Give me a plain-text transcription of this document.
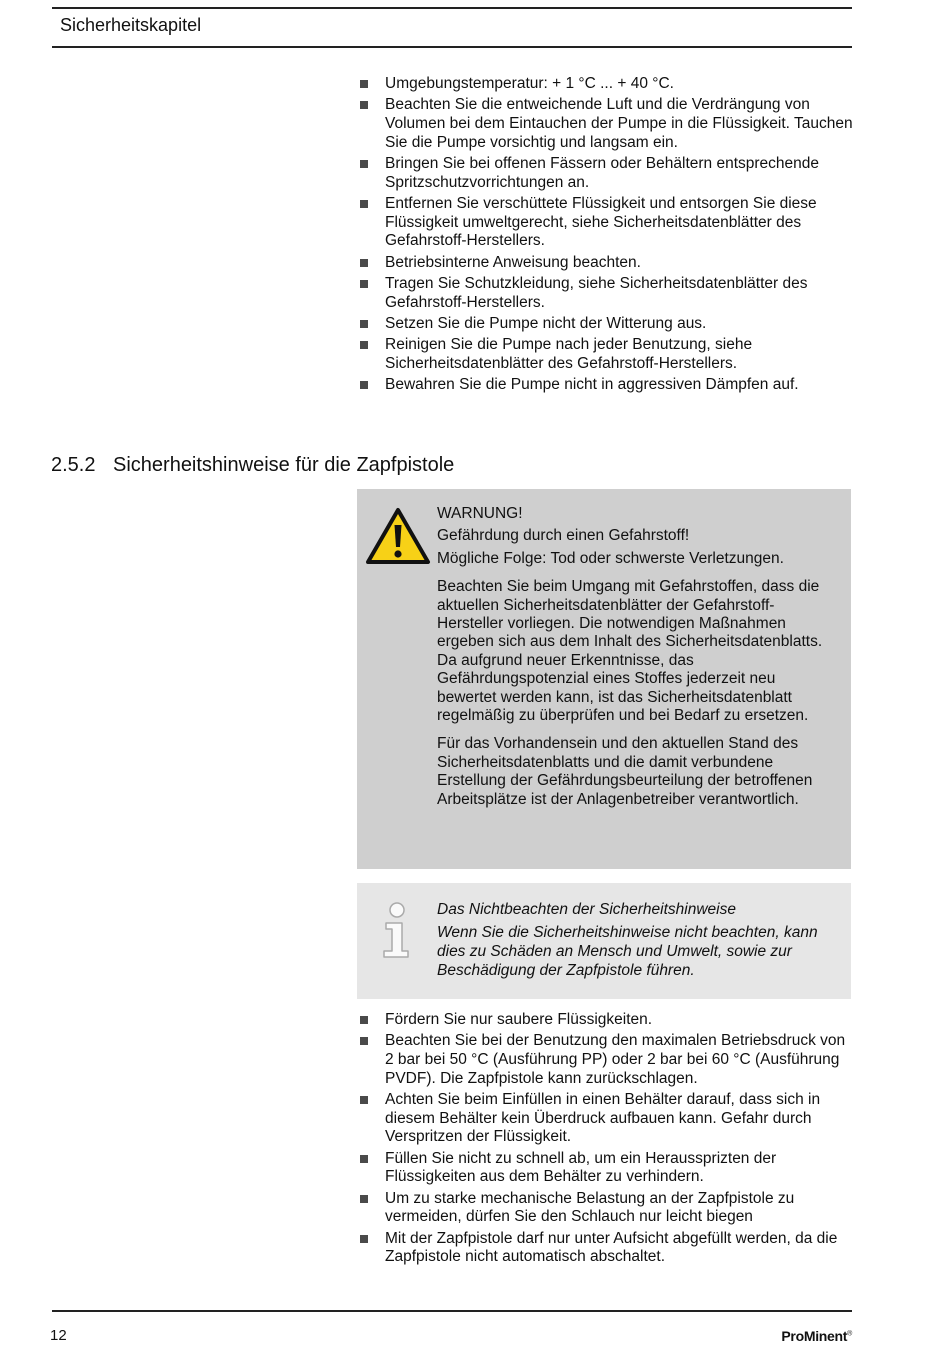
Sicherheitskapitel
Umgebungstemperatur: + 1 °C ... + 40 °C.
Beachten Sie die entweichende Luft und die Verdrängung von Volumen bei dem Eintauchen der Pumpe in die Flüssigkeit. Tauchen Sie die Pumpe vorsichtig und langsam ein.
Bringen Sie bei offenen Fässern oder Behältern entsprechende Spritzschutzvorrichtungen an.
Entfernen Sie verschüttete Flüssigkeit und entsorgen Sie diese Flüssigkeit umweltgerecht, siehe Sicherheitsdatenblätter des Gefahrstoff-Herstellers.
Betriebsinterne Anweisung beachten.
Tragen Sie Schutzkleidung, siehe Sicherheitsdatenblätter des Gefahrstoff-Herstellers.
Setzen Sie die Pumpe nicht der Witterung aus.
Reinigen Sie die Pumpe nach jeder Benutzung, siehe Sicherheitsdatenblätter des Gefahrstoff-Herstellers.
Bewahren Sie die Pumpe nicht in aggressiven Dämpfen auf.
2.5.2 Sicherheitshinweise für die Zapfpistole

WARNUNG!

Gefährdung durch einen Gefahrstoff!

Mögliche Folge: Tod oder schwerste Verletzungen.

Beachten Sie beim Umgang mit Gefahrstoffen, dass die aktuellen Sicherheitsdatenblätter der Gefahrstoff-Hersteller vorliegen. Die notwendigen Maßnahmen ergeben sich aus dem Inhalt des Sicherheitsdatenblatts. Da aufgrund neuer Erkenntnisse, das Gefährdungspotenzial eines Stoffes jederzeit neu bewertet werden kann, ist das Sicherheitsdatenblatt regelmäßig zu überprüfen und bei Bedarf zu ersetzen.

Für das Vorhandensein und den aktuellen Stand des Sicherheitsdatenblatts und die damit verbundene Erstellung der Gefährdungsbeurteilung der betroffenen Arbeitsplätze ist der Anlagenbetreiber verantwortlich.

Das Nichtbeachten der Sicherheitshinweise

Wenn Sie die Sicherheitshinweise nicht beachten, kann dies zu Schäden an Mensch und Umwelt, sowie zur Beschädigung der Zapfpistole führen.

Fördern Sie nur saubere Flüssigkeiten.
Beachten Sie bei der Benutzung den maximalen Betriebsdruck von 2 bar bei 50 °C (Ausführung PP) oder 2 bar bei 60 °C (Ausführung PVDF). Die Zapfpistole kann zurückschlagen.
Achten Sie beim Einfüllen in einen Behälter darauf, dass sich in diesem Behälter kein Überdruck aufbauen kann. Gefahr durch Verspritzen der Flüssigkeit.
Füllen Sie nicht zu schnell ab, um ein Heraussprizten der Flüssigkeiten aus dem Behälter zu verhindern.
Um zu starke mechanische Belastung an der Zapfpistole zu vermeiden, dürfen Sie den Schlauch nur leicht biegen
Mit der Zapfpistole darf nur unter Aufsicht abgefüllt werden, da die Zapfpistole nicht automatisch abschaltet.
12	ProMinent®
